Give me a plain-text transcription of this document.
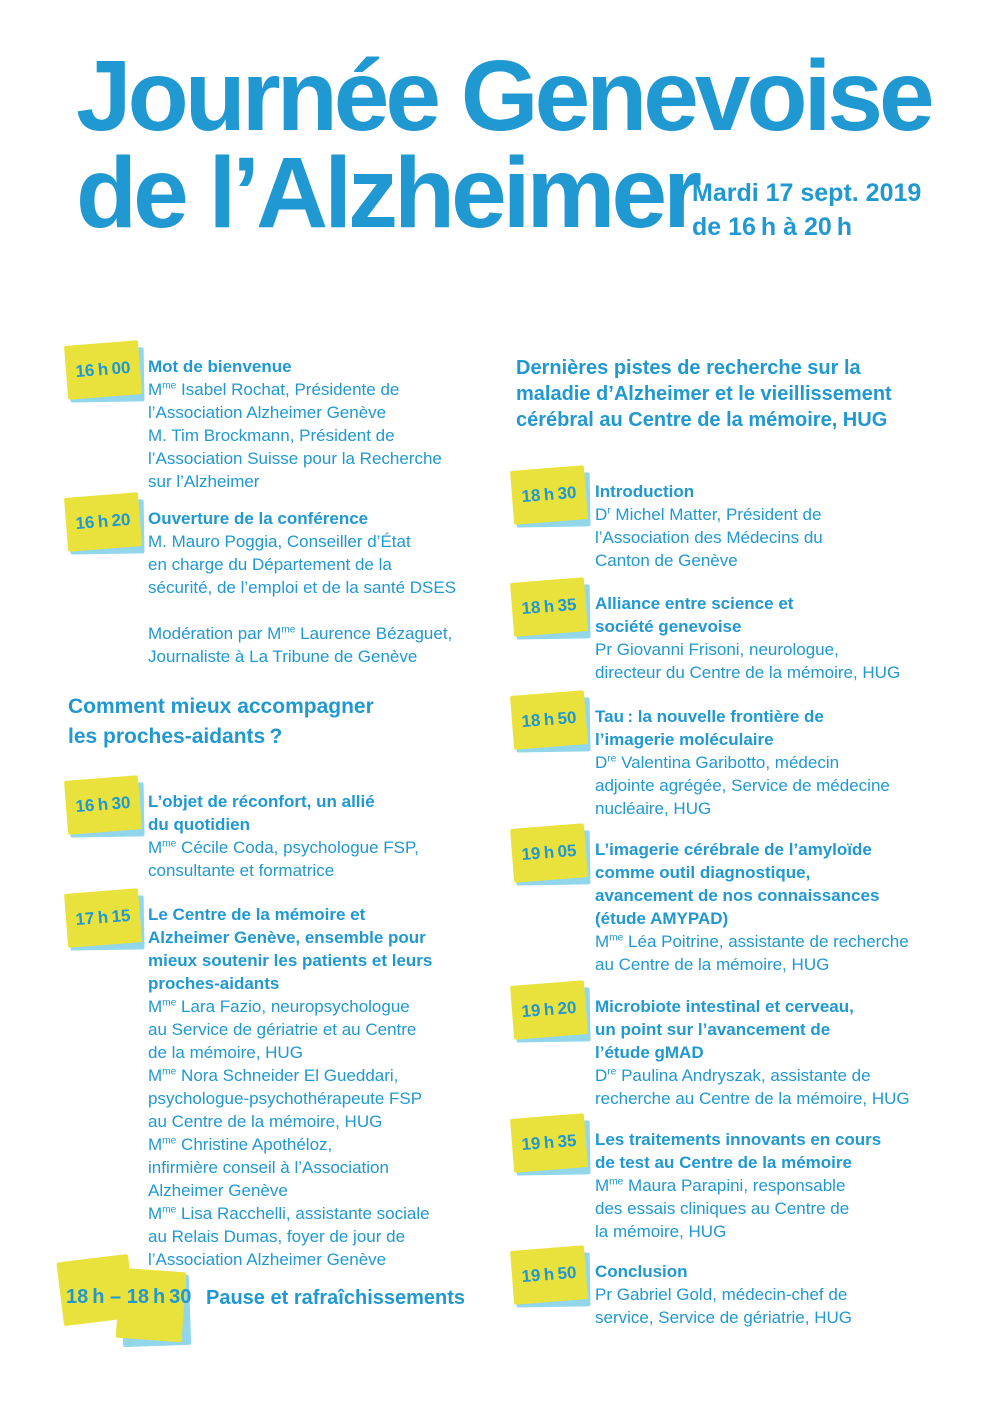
Journée Genevoise
de l’Alzheimer
Mardi 17 sept. 2019
de 16 h à 20 h
16 h 00 Mot de bienvenue
$M^{me}$ Isabel Rochat, Présidente de
l’Association Alzheimer Genève
M. Tim Brockmann, Président de
l’Association Suisse pour la Recherche
sur l’Alzheimer
16 h 20 Ouverture de la conférence
M. Mauro Poggia, Conseiller d’État
en charge du Département de la
sécurité, de l’emploi et de la santé DSES
Modération par $M^{me}$ Laurence Bézaguet,
Journaliste à La Tribune de Genève
Comment mieux accompagner
les proches-aidants ?
16 h 30 L’objet de réconfort, un allié
du quotidien
$M^{me}$ Cécile Coda, psychologue FSP,
consultante et formatrice
17 h 15 Le Centre de la mémoire et
Alzheimer Genève, ensemble pour
mieux soutenir les patients et leurs
proches-aidants
$M^{me}$ Lara Fazio, neuropsychologue
au Service de gériatrie et au Centre
de la mémoire, HUG
$M^{me}$ Nora Schneider El Gueddari,
psychologue-psychothérapeute FSP
au Centre de la mémoire, HUG
$M^{me}$ Christine Apothéloz,
infirmière conseil à l’Association
Alzheimer Genève
$M^{me}$ Lisa Racchelli, assistante sociale
au Relais Dumas, foyer de jour de
l’Association Alzheimer Genève
18 h – 18 h 30 Pause et rafraîchissements
Dernières pistes de recherche sur la
maladie d’Alzheimer et le vieillissement
cérébral au Centre de la mémoire, HUG
18 h 30 Introduction
$D^r$ Michel Matter, Président de
l’Association des Médecins du
Canton de Genève
18 h 35 Alliance entre science et
société genevoise
Pr Giovanni Frisoni, neurologue,
directeur du Centre de la mémoire, HUG
18 h 50 Tau : la nouvelle frontière de
l’imagerie moléculaire
Dre Valentina Garibotto, médecin
adjointe agrégée, Service de médecine
nucléaire, HUG
19 h 05 L’imagerie cérébrale de l’amyloïde
comme outil diagnostique,
avancement de nos connaissances
(étude AMYPAD)
$M^{me}$ Léa Poitrine, assistante de recherche
au Centre de la mémoire, HUG
19 h 20 Microbiote intestinal et cerveau,
un point sur l’avancement de
l’étude gMAD
Dre Paulina Andryszak, assistante de
recherche au Centre de la mémoire, HUG
19 h 35 Les traitements innovants en cours
de test au Centre de la mémoire
$M^{me}$ Maura Parapini, responsable
des essais cliniques au Centre de
la mémoire, HUG
19 h 50 Conclusion
Pr Gabriel Gold, médecin-chef de
service, Service de gériatrie, HUG
